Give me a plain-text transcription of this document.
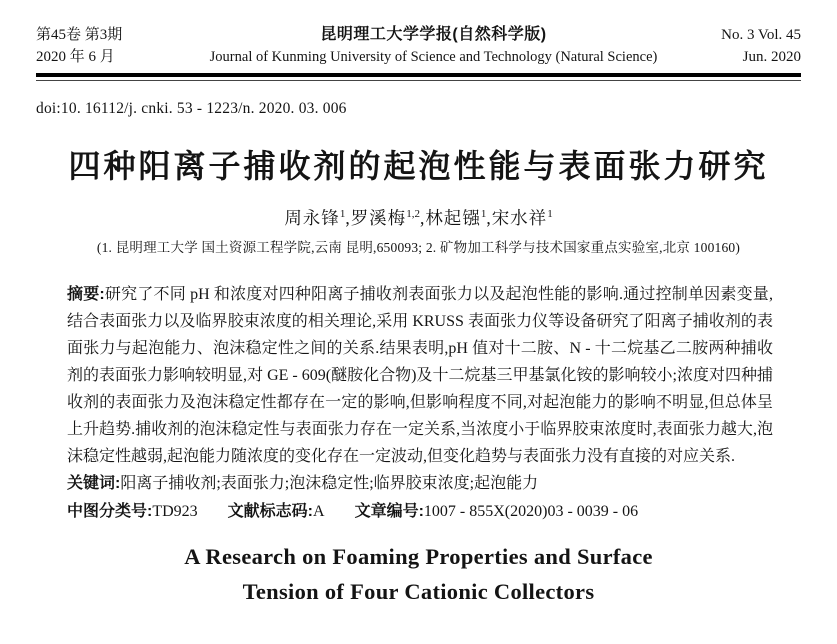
第45卷 第3期
2020 年 6 月
昆明理工大学学报(自然科学版)
Journal of Kunming University of Science and Technology (Natural Science)
No. 3 Vol. 45
Jun. 2020
doi:10. 16112/j. cnki. 53 - 1223/n. 2020. 03. 006
四种阳离子捕收剂的起泡性能与表面张力研究
周永锋$^1$,罗溪梅$^{1,2}$,林起镪$^1$,宋水祥$^1$
(1. 昆明理工大学 国土资源工程学院,云南 昆明,650093; 2. 矿物加工科学与技术国家重点实验室,北京 100160)
摘要:研究了不同 pH 和浓度对四种阳离子捕收剂表面张力以及起泡性能的影响.通过控制单因素变量,结合表面张力以及临界胶束浓度的相关理论,采用 KRUSS 表面张力仪等设备研究了阳离子捕收剂的表面张力与起泡能力、泡沫稳定性之间的关系.结果表明,pH 值对十二胺、N - 十二烷基乙二胺两种捕收剂的表面张力影响较明显,对 GE - 609(醚胺化合物)及十二烷基三甲基氯化铵的影响较小;浓度对四种捕收剂的表面张力及泡沫稳定性都存在一定的影响,但影响程度不同,对起泡能力的影响不明显,但总体呈上升趋势.捕收剂的泡沫稳定性与表面张力存在一定关系,当浓度小于临界胶束浓度时,表面张力越大,泡沫稳定性越弱,起泡能力随浓度的变化存在一定波动,但变化趋势与表面张力没有直接的对应关系.
关键词:阳离子捕收剂;表面张力;泡沫稳定性;临界胶束浓度;起泡能力
中图分类号:TD923 文献标志码:A 文章编号:1007 - 855X(2020)03 - 0039 - 06
A Research on Foaming Properties and Surface
Tension of Four Cationic Collectors
